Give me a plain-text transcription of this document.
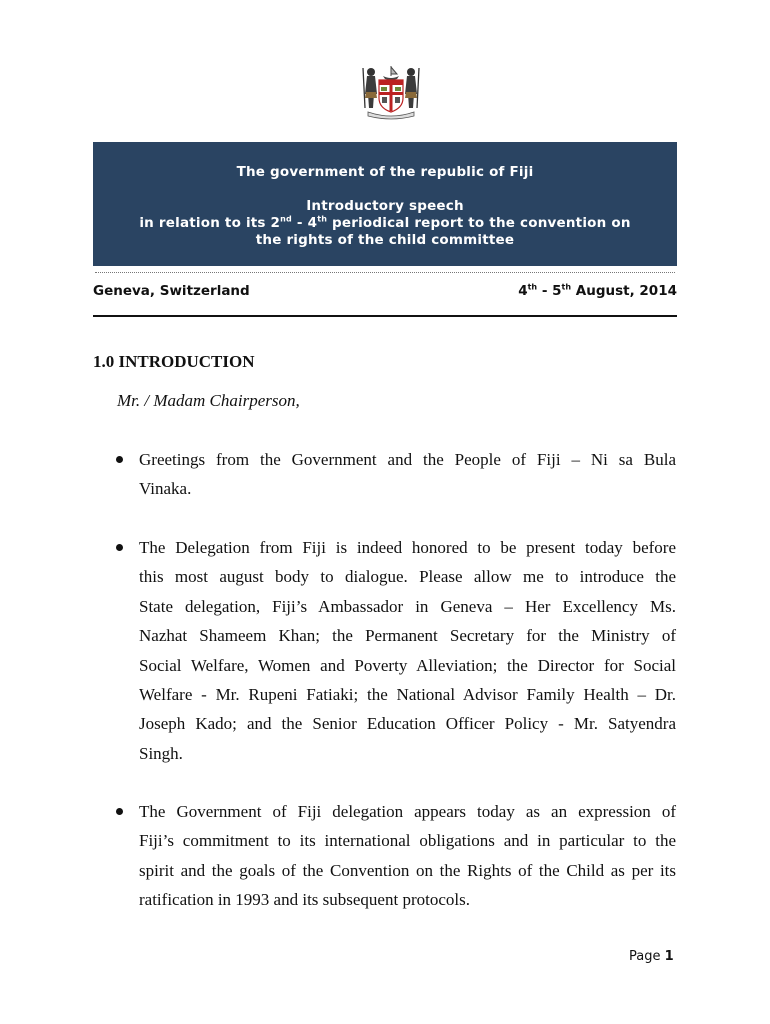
The government of the republic of Fiji
Introductory speech
in relation to its 2nd - 4th periodical report to the convention on
the rights of the child committee
Geneva, Switzerland	4th - 5th August, 2014
1.0 INTRODUCTION
Mr. / Madam Chairperson,
Greetings from the Government and the People of Fiji – Ni sa Bula
Vinaka.
The Delegation from Fiji is indeed honored to be present today before
this most august body to dialogue. Please allow me to introduce the
State delegation, Fiji’s Ambassador in Geneva – Her Excellency Ms.
Nazhat Shameem Khan; the Permanent Secretary for the Ministry of
Social Welfare, Women and Poverty Alleviation; the Director for Social
Welfare - Mr. Rupeni Fatiaki; the National Advisor Family Health – Dr.
Joseph Kado; and the Senior Education Officer Policy - Mr. Satyendra
Singh.
The Government of Fiji delegation appears today as an expression of
Fiji’s commitment to its international obligations and in particular to the
spirit and the goals of the Convention on the Rights of the Child as per its
ratification in 1993 and its subsequent protocols.
Page 1
